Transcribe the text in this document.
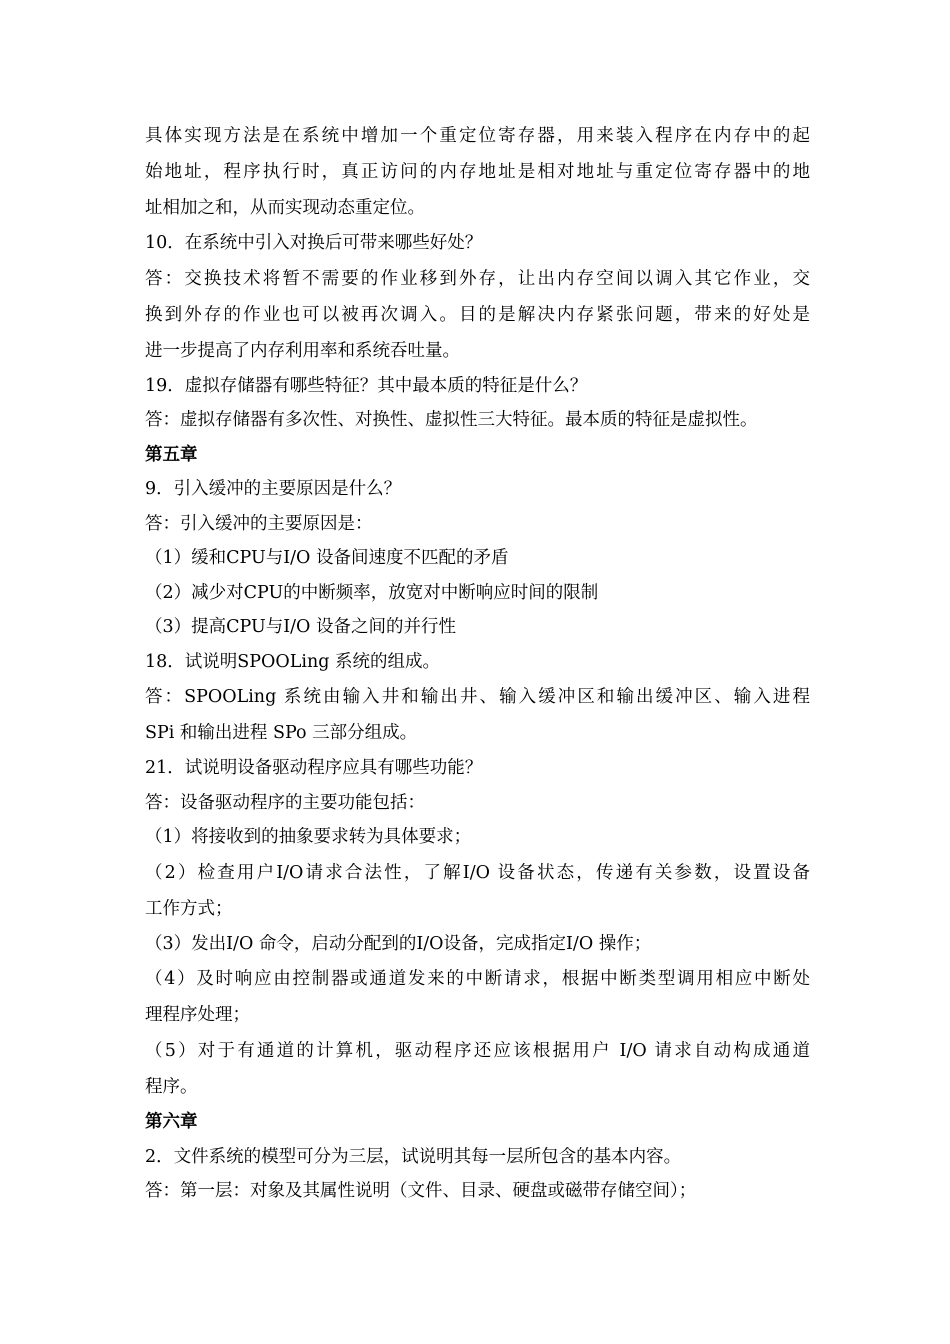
具体实现方法是在系统中增加一个重定位寄存器，用来装入程序在内存中的起

始地址，程序执行时，真正访问的内存地址是相对地址与重定位寄存器中的地

址相加之和，从而实现动态重定位。

10．在系统中引入对换后可带来哪些好处？

答：交换技术将暂不需要的作业移到外存，让出内存空间以调入其它作业，交

换到外存的作业也可以被再次调入。目的是解决内存紧张问题，带来的好处是

进一步提高了内存利用率和系统吞吐量。

19．虚拟存储器有哪些特征？其中最本质的特征是什么？

答：虚拟存储器有多次性、对换性、虚拟性三大特征。最本质的特征是虚拟性。

第五章

9．引入缓冲的主要原因是什么？

答：引入缓冲的主要原因是：

（1）缓和CPU与I/O 设备间速度不匹配的矛盾

（2）减少对CPU的中断频率，放宽对中断响应时间的限制

（3）提高CPU与I/O 设备之间的并行性

18．试说明SPOOLing 系统的组成。

答：SPOOLing 系统由输入井和输出井、输入缓冲区和输出缓冲区、输入进程

SPi 和输出进程 SPo 三部分组成。

21．试说明设备驱动程序应具有哪些功能？

答：设备驱动程序的主要功能包括：

（1）将接收到的抽象要求转为具体要求；

（2）检查用户I/O请求合法性，了解I/O 设备状态，传递有关参数，设置设备

工作方式；

（3）发出I/O 命令，启动分配到的I/O设备，完成指定I/O 操作；

（4）及时响应由控制器或通道发来的中断请求，根据中断类型调用相应中断处

理程序处理；

（5）对于有通道的计算机，驱动程序还应该根据用户 I/O 请求自动构成通道

程序。

第六章

2．文件系统的模型可分为三层，试说明其每一层所包含的基本内容。

答：第一层：对象及其属性说明（文件、目录、硬盘或磁带存储空间）；
